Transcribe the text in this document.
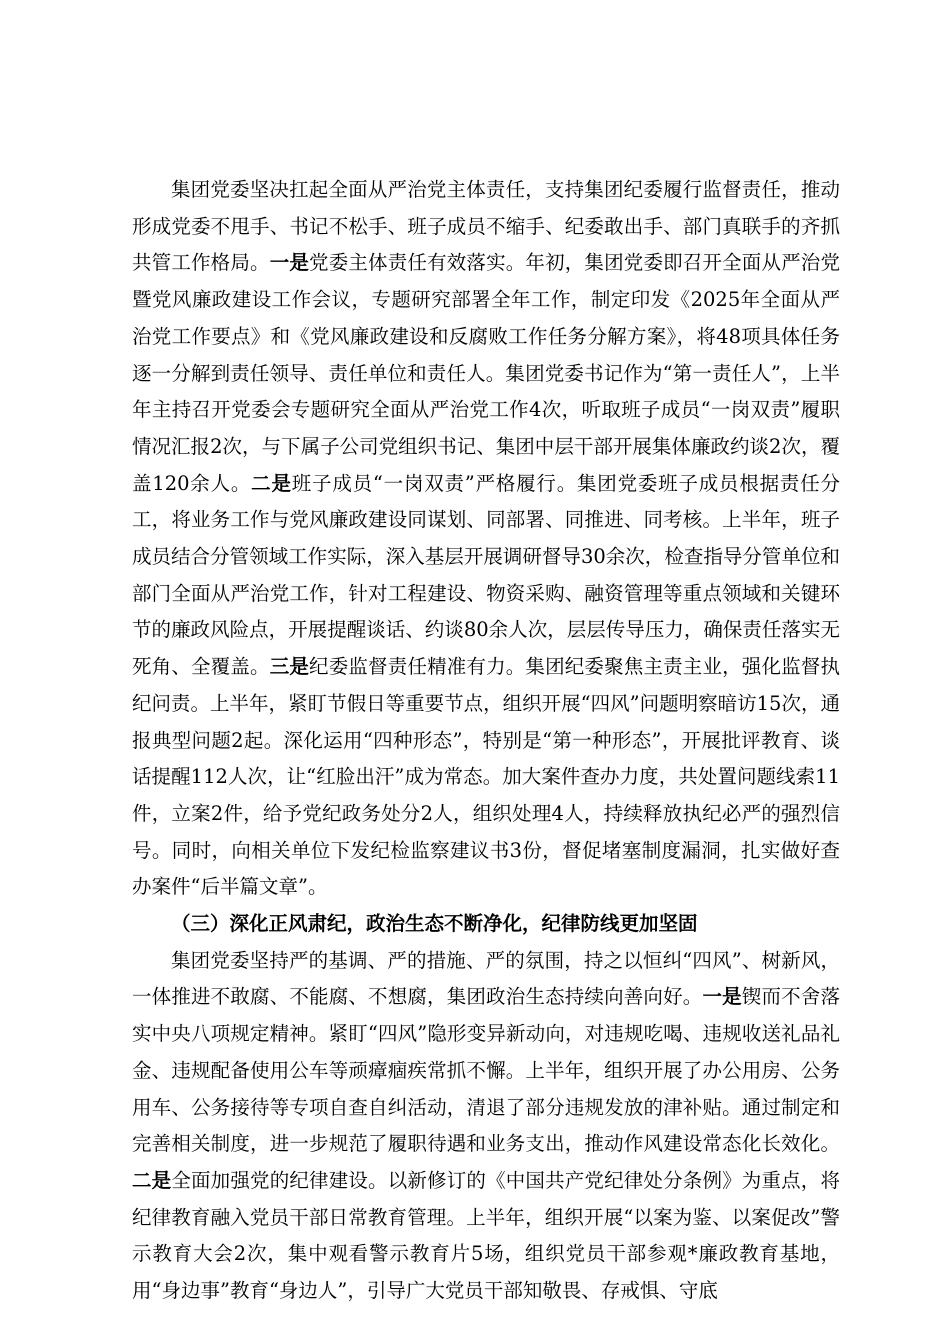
集团党委坚决扛起全面从严治党主体责任，支持集团纪委履行监督责任，推动形成党委不甩手、书记不松手、班子成员不缩手、纪委敢出手、部门真联手的齐抓共管工作格局。一是党委主体责任有效落实。年初，集团党委即召开全面从严治党暨党风廉政建设工作会议，专题研究部署全年工作，制定印发《2025年全面从严治党工作要点》和《党风廉政建设和反腐败工作任务分解方案》，将48项具体任务逐一分解到责任领导、责任单位和责任人。集团党委书记作为“第一责任人”，上半年主持召开党委会专题研究全面从严治党工作4次，听取班子成员“一岗双责”履职情况汇报2次，与下属子公司党组织书记、集团中层干部开展集体廉政约谈2次，覆盖120余人。二是班子成员“一岗双责”严格履行。集团党委班子成员根据责任分工，将业务工作与党风廉政建设同谋划、同部署、同推进、同考核。上半年，班子成员结合分管领域工作实际，深入基层开展调研督导30余次，检查指导分管单位和部门全面从严治党工作，针对工程建设、物资采购、融资管理等重点领域和关键环节的廉政风险点，开展提醒谈话、约谈80余人次，层层传导压力，确保责任落实无死角、全覆盖。三是纪委监督责任精准有力。集团纪委聚焦主责主业，强化监督执纪问责。上半年，紧盯节假日等重要节点，组织开展“四风”问题明察暗访15次，通报典型问题2起。深化运用“四种形态”，特别是“第一种形态”，开展批评教育、谈话提醒112人次，让“红脸出汗”成为常态。加大案件查办力度，共处置问题线索11件，立案2件，给予党纪政务处分2人，组织处理4人，持续释放执纪必严的强烈信号。同时，向相关单位下发纪检监察建议书3份，督促堵塞制度漏洞，扎实做好查办案件“后半篇文章”。

（三）深化正风肃纪，政治生态不断净化，纪律防线更加坚固

集团党委坚持严的基调、严的措施、严的氛围，持之以恒纠“四风”、树新风，一体推进不敢腐、不能腐、不想腐，集团政治生态持续向善向好。一是锲而不舍落实中央八项规定精神。紧盯“四风”隐形变异新动向，对违规吃喝、违规收送礼品礼金、违规配备使用公车等顽瘴痼疾常抓不懈。上半年，组织开展了办公用房、公务用车、公务接待等专项自查自纠活动，清退了部分违规发放的津补贴。通过制定和完善相关制度，进一步规范了履职待遇和业务支出，推动作风建设常态化长效化。二是全面加强党的纪律建设。以新修订的《中国共产党纪律处分条例》为重点，将纪律教育融入党员干部日常教育管理。上半年，组织开展“以案为鉴、以案促改”警示教育大会2次，集中观看警示教育片5场，组织党员干部参观*廉政教育基地，用“身边事”教育“身边人”，引导广大党员干部知敬畏、存戒惧、守底
